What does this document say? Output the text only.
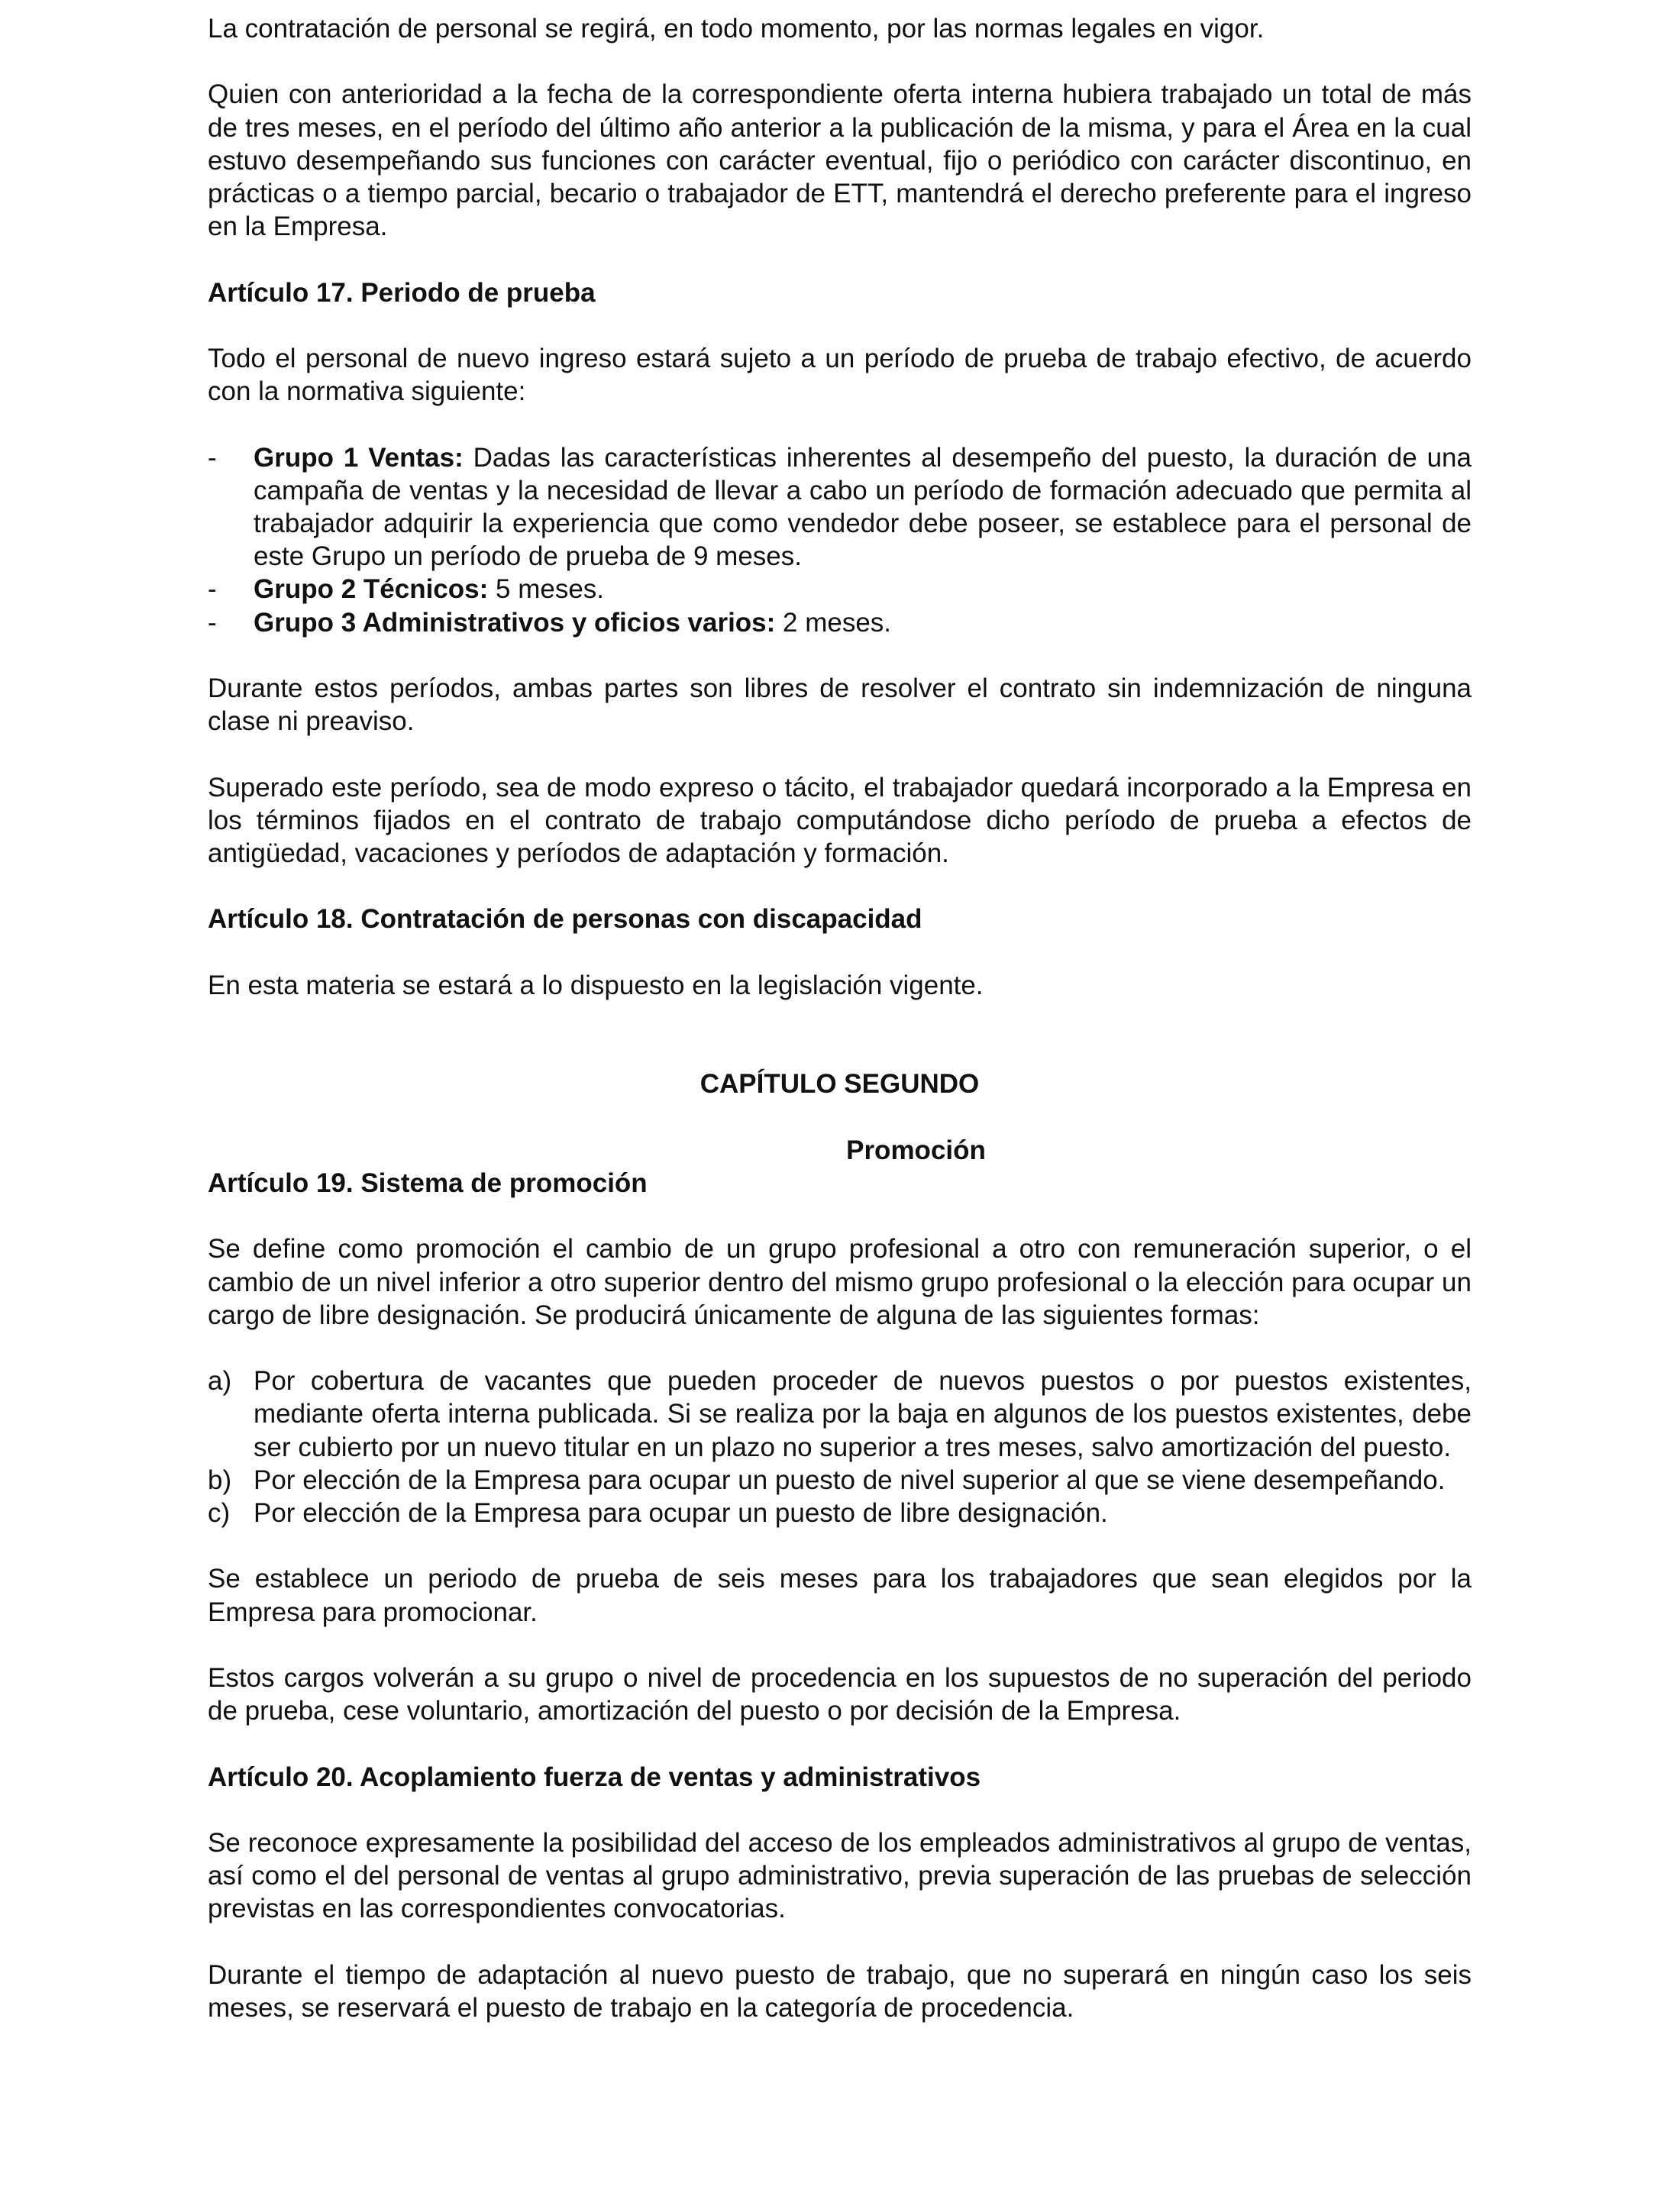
La contratación de personal se regirá, en todo momento, por las normas legales en vigor.

Quien con anterioridad a la fecha de la correspondiente oferta interna hubiera trabajado un total de más de tres meses, en el período del último año anterior a la publicación de la misma, y para el Área en la cual estuvo desempeñando sus funciones con carácter eventual, fijo o periódico con carácter discontinuo, en prácticas o a tiempo parcial, becario o trabajador de ETT, mantendrá el derecho preferente para el ingreso en la Empresa.

Artículo 17. Periodo de prueba

Todo el personal de nuevo ingreso estará sujeto a un período de prueba de trabajo efectivo, de acuerdo con la normativa siguiente:

- Grupo 1 Ventas: Dadas las características inherentes al desempeño del puesto, la duración de una campaña de ventas y la necesidad de llevar a cabo un período de formación adecuado que permita al trabajador adquirir la experiencia que como vendedor debe poseer, se establece para el personal de este Grupo un período de prueba de 9 meses.
- Grupo 2 Técnicos: 5 meses.
- Grupo 3 Administrativos y oficios varios: 2 meses.

Durante estos períodos, ambas partes son libres de resolver el contrato sin indemnización de ninguna clase ni preaviso.

Superado este período, sea de modo expreso o tácito, el trabajador quedará incorporado a la Empresa en los términos fijados en el contrato de trabajo computándose dicho período de prueba a efectos de antigüedad, vacaciones y períodos de adaptación y formación.

Artículo 18. Contratación de personas con discapacidad

En esta materia se estará a lo dispuesto en la legislación vigente.

CAPÍTULO SEGUNDO
Promoción
Artículo 19. Sistema de promoción

Se define como promoción el cambio de un grupo profesional a otro con remuneración superior, o el cambio de un nivel inferior a otro superior dentro del mismo grupo profesional o la elección para ocupar un cargo de libre designación. Se producirá únicamente de alguna de las siguientes formas:

a) Por cobertura de vacantes que pueden proceder de nuevos puestos o por puestos existentes, mediante oferta interna publicada. Si se realiza por la baja en algunos de los puestos existentes, debe ser cubierto por un nuevo titular en un plazo no superior a tres meses, salvo amortización del puesto.
b) Por elección de la Empresa para ocupar un puesto de nivel superior al que se viene desempeñando.
c) Por elección de la Empresa para ocupar un puesto de libre designación.

Se establece un periodo de prueba de seis meses para los trabajadores que sean elegidos por la Empresa para promocionar.

Estos cargos volverán a su grupo o nivel de procedencia en los supuestos de no superación del periodo de prueba, cese voluntario, amortización del puesto o por decisión de la Empresa.

Artículo 20. Acoplamiento fuerza de ventas y administrativos

Se reconoce expresamente la posibilidad del acceso de los empleados administrativos al grupo de ventas, así como el del personal de ventas al grupo administrativo, previa superación de las pruebas de selección previstas en las correspondientes convocatorias.

Durante el tiempo de adaptación al nuevo puesto de trabajo, que no superará en ningún caso los seis meses, se reservará el puesto de trabajo en la categoría de procedencia.
